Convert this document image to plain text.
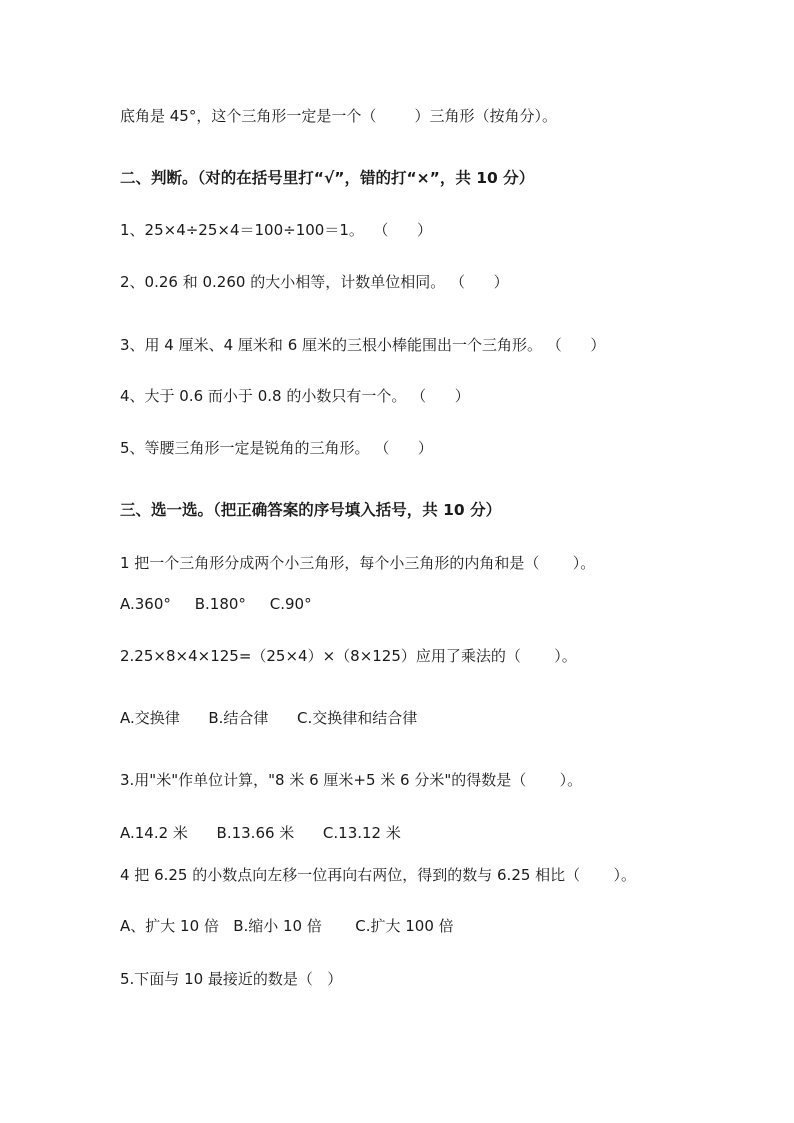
底角是 45°，这个三角形一定是一个（        ）三角形（按角分）。
二、判断。（对的在括号里打“√”，错的打“×”，共 10 分）
1、25×4÷25×4＝100÷100＝1。  （      ）
2、0.26 和 0.260 的大小相等，计数单位相同。 （      ）
3、用 4 厘米、4 厘米和 6 厘米的三根小棒能围出一个三角形。 （      ）
4、大于 0.6 而小于 0.8 的小数只有一个。 （      ）
5、等腰三角形一定是锐角的三角形。 （      ）
三、选一选。（把正确答案的序号填入括号，共 10 分）
1 把一个三角形分成两个小三角形，每个小三角形的内角和是（       ）。
A.360°     B.180°     C.90°
2.25×8×4×125=（25×4）×（8×125）应用了乘法的（       ）。
A.交换律      B.结合律      C.交换律和结合律
3.用"米"作单位计算，"8 米 6 厘米+5 米 6 分米"的得数是（       ）。
A.14.2 米      B.13.66 米      C.13.12 米
4 把 6.25 的小数点向左移一位再向右两位，得到的数与 6.25 相比（       ）。
A、扩大 10 倍   B.缩小 10 倍       C.扩大 100 倍
5.下面与 10 最接近的数是（   ）
